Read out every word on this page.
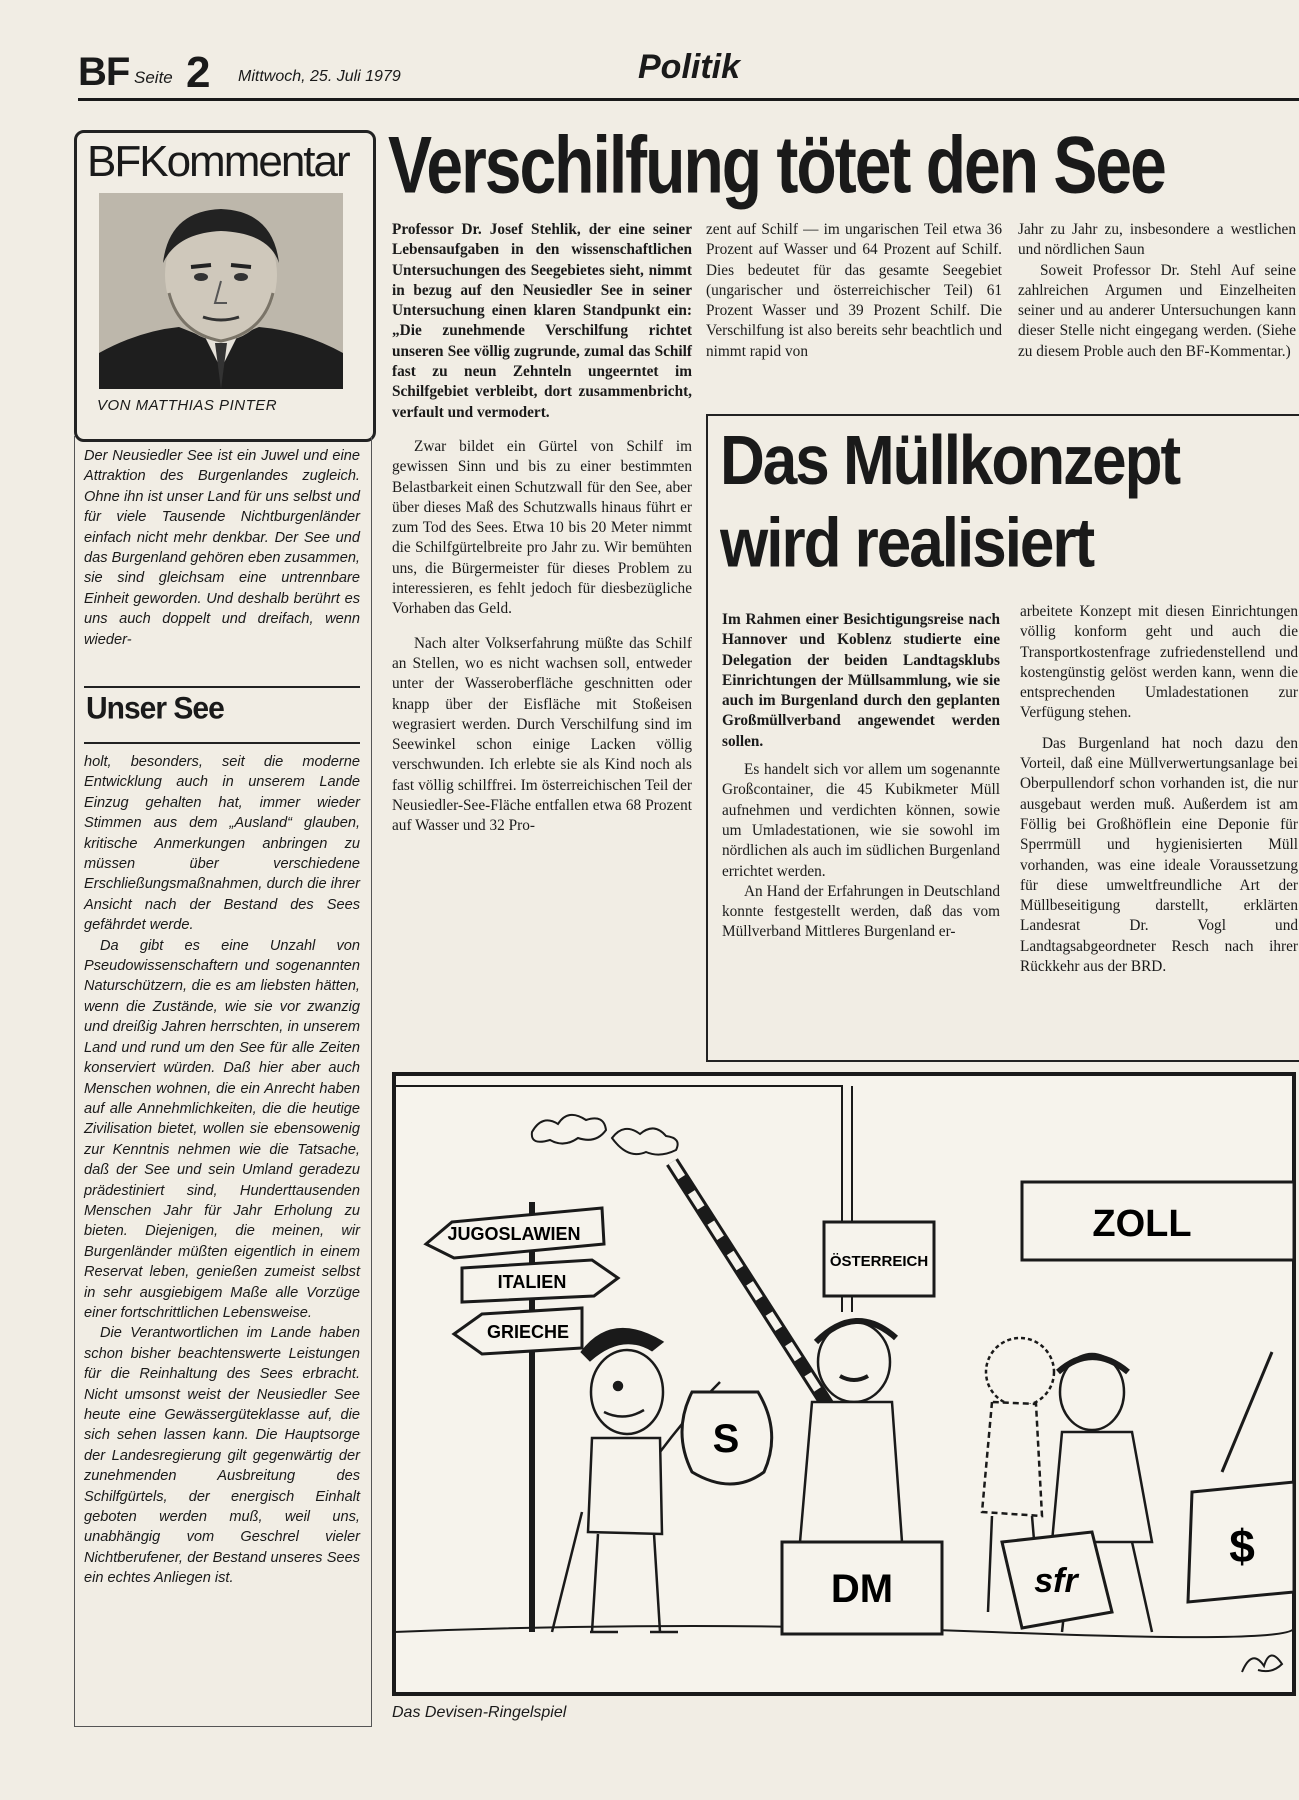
BF Seite 2 Mittwoch, 25. Juli 1979	Politik
BFKommentar
VON MATTHIAS PINTER

Der Neusiedler See ist ein Juwel und eine Attraktion des Burgenlandes zugleich. Ohne ihn ist unser Land für uns selbst und für viele Tausende Nichtburgenländer einfach nicht mehr denkbar. Der See und das Burgenland gehören eben zusammen, sie sind gleichsam eine untrennbare Einheit geworden. Und deshalb berührt es uns auch doppelt und dreifach, wenn wieder-

Unser See

holt, besonders, seit die moderne Entwicklung auch in unserem Lande Einzug gehalten hat, immer wieder Stimmen aus dem „Ausland“ glauben, kritische Anmerkungen anbringen zu müssen über verschiedene Erschließungsmaßnahmen, durch die ihrer Ansicht nach der Bestand des Sees gefährdet werde.

Da gibt es eine Unzahl von Pseudowissenschaftern und sogenannten Naturschützern, die es am liebsten hätten, wenn die Zustände, wie sie vor zwanzig und dreißig Jahren herrschten, in unserem Land und rund um den See für alle Zeiten konserviert würden. Daß hier aber auch Menschen wohnen, die ein Anrecht haben auf alle Annehmlichkeiten, die die heutige Zivilisation bietet, wollen sie ebensowenig zur Kenntnis nehmen wie die Tatsache, daß der See und sein Umland geradezu prädestiniert sind, Hunderttausenden Menschen Jahr für Jahr Erholung zu bieten. Diejenigen, die meinen, wir Burgenländer müßten eigentlich in einem Reservat leben, genießen zumeist selbst in sehr ausgiebigem Maße alle Vorzüge einer fortschrittlichen Lebensweise.

Die Verantwortlichen im Lande haben schon bisher beachtenswerte Leistungen für die Reinhaltung des Sees erbracht. Nicht umsonst weist der Neusiedler See heute eine Gewässergüteklasse auf, die sich sehen lassen kann. Die Hauptsorge der Landesregierung gilt gegenwärtig der zunehmenden Ausbreitung des Schilfgürtels, der energisch Einhalt geboten werden muß, weil uns, unabhängig vom Geschrel vieler Nichtberufener, der Bestand unseres Sees ein echtes Anliegen ist.

Verschilfung tötet den See

Professor Dr. Josef Stehlik, der eine seiner Lebensaufgaben in den wissenschaftlichen Untersuchungen des Seegebietes sieht, nimmt in bezug auf den Neusiedler See in seiner Untersuchung einen klaren Standpunkt ein: „Die zunehmende Verschilfung richtet unseren See völlig zugrunde, zumal das Schilf fast zu neun Zehnteln ungeerntet im Schilfgebiet verbleibt, dort zusammenbricht, verfault und vermodert.

Zwar bildet ein Gürtel von Schilf im gewissen Sinn und bis zu einer bestimmten Belastbarkeit einen Schutzwall für den See, aber über dieses Maß des Schutzwalls hinaus führt er zum Tod des Sees. Etwa 10 bis 20 Meter nimmt die Schilfgürtelbreite pro Jahr zu. Wir bemühten uns, die Bürgermeister für dieses Problem zu interessieren, es fehlt jedoch für diesbezügliche Vorhaben das Geld.

Nach alter Volkserfahrung müßte das Schilf an Stellen, wo es nicht wachsen soll, entweder unter der Wasseroberfläche geschnitten oder knapp über der Eisfläche mit Stoßeisen wegrasiert werden. Durch Verschilfung sind im Seewinkel schon einige Lacken völlig verschwunden. Ich erlebte sie als Kind noch als fast völlig schilffrei. Im österreichischen Teil der Neusiedler-See-Fläche entfallen etwa 68 Prozent auf Wasser und 32 Pro-

zent auf Schilf — im ungarischen Teil etwa 36 Prozent auf Wasser und 64 Prozent auf Schilf. Dies bedeutet für das gesamte Seegebiet (ungarischer und österreichischer Teil) 61 Prozent Wasser und 39 Prozent Schilf. Die Verschilfung ist also bereits sehr beachtlich und nimmt rapid von

Jahr zu Jahr zu, insbesondere a westlichen und nördlichen Saun

Soweit Professor Dr. Stehl Auf seine zahlreichen Argumen und Einzelheiten seiner und au anderer Untersuchungen kann dieser Stelle nicht eingegang werden. (Siehe zu diesem Proble auch den BF-Kommentar.)

Das Müllkonzept
wird realisiert

Im Rahmen einer Besichtigungsreise nach Hannover und Koblenz studierte eine Delegation der beiden Landtagsklubs Einrichtungen der Müllsammlung, wie sie auch im Burgenland durch den geplanten Großmüllverband angewendet werden sollen.

Es handelt sich vor allem um sogenannte Großcontainer, die 45 Kubikmeter Müll aufnehmen und verdichten können, sowie um Umladestationen, wie sie sowohl im nördlichen als auch im südlichen Burgenland errichtet werden.

An Hand der Erfahrungen in Deutschland konnte festgestellt werden, daß das vom Müllverband Mittleres Burgenland er-

arbeitete Konzept mit diesen Einrichtungen völlig konform geht und auch die Transportkostenfrage zufriedenstellend und kostengünstig gelöst werden kann, wenn die entsprechenden Umladestationen zur Verfügung stehen.

Das Burgenland hat noch dazu den Vorteil, daß eine Müllverwertungsanlage bei Oberpullendorf schon vorhanden ist, die nur ausgebaut werden muß. Außerdem ist am Föllig bei Großhöflein eine Deponie für Sperrmüll und hygienisierten Müll vorhanden, was eine ideale Voraussetzung für diese umweltfreundliche Art der Müllbeseitigung darstellt, erklärten Landesrat Dr. Vogl und Landtagsabgeordneter Resch nach ihrer Rückkehr aus der BRD.

JUGOSLAWIEN
ITALIEN
GRIECHE
ÖSTERREICH
ZOLL
S
DM	sfr
$
Das Devisen-Ringelspiel
